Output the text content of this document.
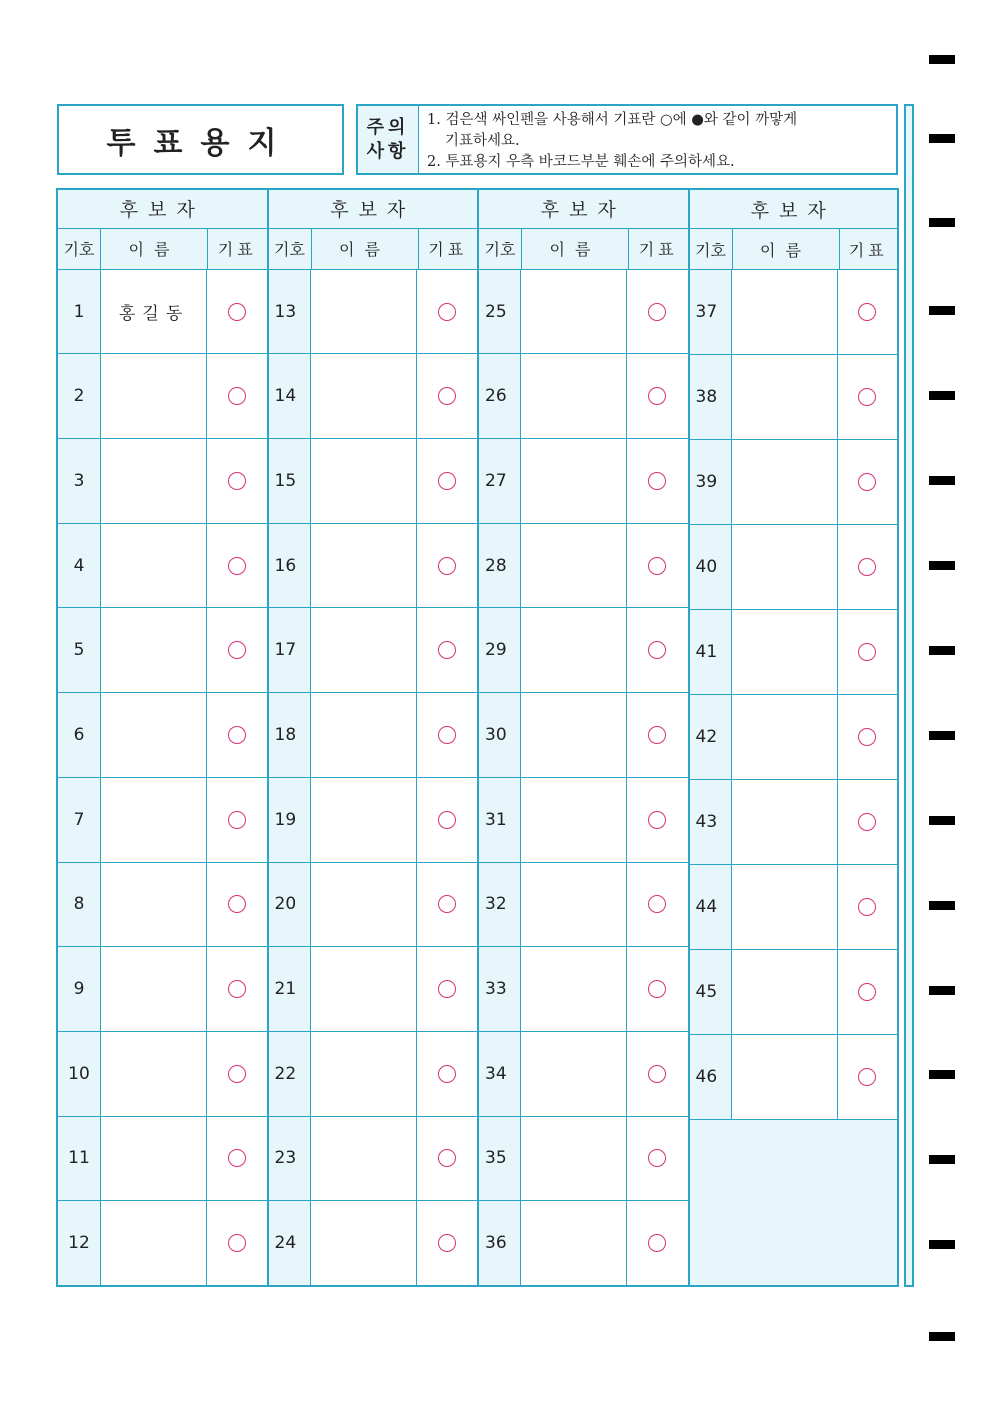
투표용지	주의
사항
1. 검은색 싸인펜을 사용해서 기표란 ○에 ●와 같이 까맣게
기표하세요.
2. 투표용지 우측 바코드부분 훼손에 주의하세요.
후보자
기호	이름	기표
1	홍길동
2
3
4
5
6
7
8
9
10
11
12
후보자
기호	이름	기표
13
14
15
16
17
18
19
20
21
22
23
24
후보자
기호	이름	기표
25
26
27
28
29
30
31
32
33
34
35
36
후보자
기호	이름	기표
37
38
39
40
41
42
43
44
45
46
